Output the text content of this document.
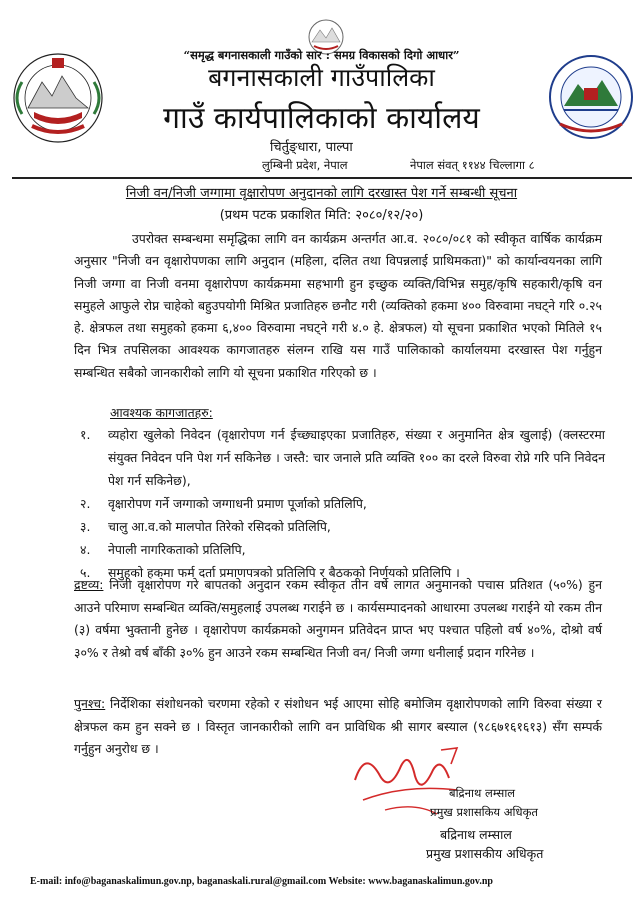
“समृद्ध बगनासकाली गाउँको सार : समग्र विकासको दिगो आधार”
बगनासकाली गाउँपालिका
गाउँ कार्यपालिकाको कार्यालय
चिर्तुङ्धारा, पाल्पा
लुम्बिनी प्रदेश, नेपाल	नेपाल संवत् ११४४ चिल्लागा ८
निजी वन/निजी जग्गामा वृक्षारोपण अनुदानको लागि दरखास्त पेश गर्ने सम्बन्धी सूचना
(प्रथम पटक प्रकाशित मिति: २०८०/१२/२०)
उपरोक्त सम्बन्धमा समृद्धिका लागि वन कार्यक्रम अन्तर्गत आ.व. २०८०/०८१ को स्वीकृत वार्षिक कार्यक्रम अनुसार "निजी वन वृक्षारोपणका लागि अनुदान (महिला, दलित तथा विपन्नलाई प्राथिमकता)" को कार्यान्वयनका लागि निजी जग्गा वा निजी वनमा वृक्षारोपण कार्यक्रममा सहभागी हुन इच्छुक व्यक्ति/विभिन्न समुह/कृषि सहकारी/कृषि वन समुहले आफुले रोप्न चाहेको बहुउपयोगी मिश्रित प्रजातिहरु छनौट गरी (व्यक्तिको हकमा ४०० विरुवामा नघट्ने गरि ०.२५ हे. क्षेत्रफल तथा समुहको हकमा ६,४०० विरुवामा नघट्ने गरी ४.० हे. क्षेत्रफल) यो सूचना प्रकाशित भएको मितिले १५ दिन भित्र तपसिलका आवश्यक कागजातहरु संलग्न राखि यस गाउँ पालिकाको कार्यालयमा दरखास्त पेश गर्नुहुन सम्बन्धित सबैको जानकारीको लागि यो सूचना प्रकाशित गरिएको छ ।
आवश्यक कागजातहरु:
१.	व्यहोरा खुलेको निवेदन (वृक्षारोपण गर्न ईच्छ्याइएका प्रजातिहरु, संख्या र अनुमानित क्षेत्र खुलाई) (क्लस्टरमा संयुक्त निवेदन पनि पेश गर्न सकिनेछ । जस्तै: चार जनाले प्रति व्यक्ति १०० का दरले विरुवा रोप्ने गरि पनि निवेदन पेश गर्न सकिनेछ),
२.	वृक्षारोपण गर्ने जग्गाको जग्गाधनी प्रमाण पूर्जाको प्रतिलिपि,
३.	चालु आ.व.को मालपोत तिरेको रसिदको प्रतिलिपि,
४.	नेपाली नागरिकताको प्रतिलिपि,
५.	समुहको हकमा फर्म दर्ता प्रमाणपत्रको प्रतिलिपि र बैठकको निर्णयको प्रतिलिपि ।
द्रष्टव्य: निजी वृक्षारोपण गरे बापतको अनुदान रकम स्वीकृत तीन वर्षे लागत अनुमानको पचास प्रतिशत (५०%) हुन आउने परिमाण सम्बन्धित व्यक्ति/समुहलाई उपलब्ध गराईने छ । कार्यसम्पादनको आधारमा उपलब्ध गराईने यो रकम तीन (३) वर्षमा भुक्तानी हुनेछ । वृक्षारोपण कार्यक्रमको अनुगमन प्रतिवेदन प्राप्त भए पश्चात पहिलो वर्ष ४०%, दोश्रो वर्ष ३०% र तेश्रो वर्ष बाँकी ३०% हुन आउने रकम सम्बन्धित निजी वन/ निजी जग्गा धनीलाई प्रदान गरिनेछ ।
पुनश्च: निर्देशिका संशोधनको चरणमा रहेको र संशोधन भई आएमा सोहि बमोजिम वृक्षारोपणको लागि विरुवा संख्या र क्षेत्रफल कम हुन सक्ने छ । विस्तृत जानकारीको लागि वन प्राविधिक श्री सागर बस्याल (९८६७१६१६१३) सँग सम्पर्क गर्नुहुन अनुरोध छ ।
बद्रिनाथ लम्साल
प्रमुख प्रशासकिय अधिकृत
बद्रिनाथ लम्साल
प्रमुख प्रशासकीय अधिकृत
E-mail: info@baganaskalimun.gov.np, baganaskali.rural@gmail.com Website: www.baganaskalimun.gov.np
